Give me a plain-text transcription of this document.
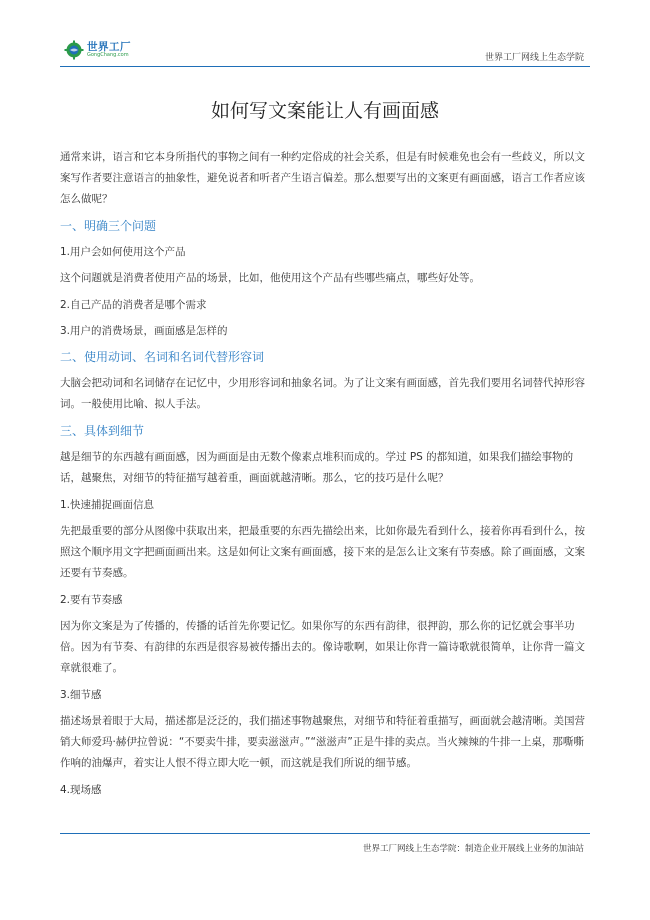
世界工厂
GongChang.com	世界工厂网线上生态学院
如何写文案能让人有画面感

通常来讲，语言和它本身所指代的事物之间有一种约定俗成的社会关系，但是有时候难免也会有一些歧义，所以文案写作者要注意语言的抽象性，避免说者和听者产生语言偏差。那么想要写出的文案更有画面感，语言工作者应该怎么做呢？

一、明确三个问题

1.用户会如何使用这个产品

这个问题就是消费者使用产品的场景，比如，他使用这个产品有些哪些痛点，哪些好处等。

2.自己产品的消费者是哪个需求

3.用户的消费场景，画面感是怎样的

二、使用动词、名词和名词代替形容词

大脑会把动词和名词储存在记忆中，少用形容词和抽象名词。为了让文案有画面感，首先我们要用名词替代掉形容词。一般使用比喻、拟人手法。

三、具体到细节

越是细节的东西越有画面感，因为画面是由无数个像素点堆积而成的。学过 PS 的都知道，如果我们描绘事物的话，越聚焦，对细节的特征描写越着重，画面就越清晰。那么，它的技巧是什么呢？

1.快速捕捉画面信息

先把最重要的部分从图像中获取出来，把最重要的东西先描绘出来，比如你最先看到什么，接着你再看到什么，按照这个顺序用文字把画面画出来。这是如何让文案有画面感，接下来的是怎么让文案有节奏感。除了画面感，文案还要有节奏感。

2.要有节奏感

因为你文案是为了传播的，传播的话首先你要记忆。如果你写的东西有韵律，很押韵，那么你的记忆就会事半功倍。因为有节奏、有韵律的东西是很容易被传播出去的。像诗歌啊，如果让你背一篇诗歌就很简单，让你背一篇文章就很难了。

3.细节感

描述场景着眼于大局，描述都是泛泛的，我们描述事物越聚焦，对细节和特征着重描写，画面就会越清晰。美国营销大师爱玛·赫伊拉曾说：“不要卖牛排，要卖滋滋声。”“滋滋声”正是牛排的卖点。当火辣辣的牛排一上桌，那嘶嘶作响的油爆声，着实让人恨不得立即大吃一顿，而这就是我们所说的细节感。

4.现场感

世界工厂网线上生态学院：制造企业开展线上业务的加油站
